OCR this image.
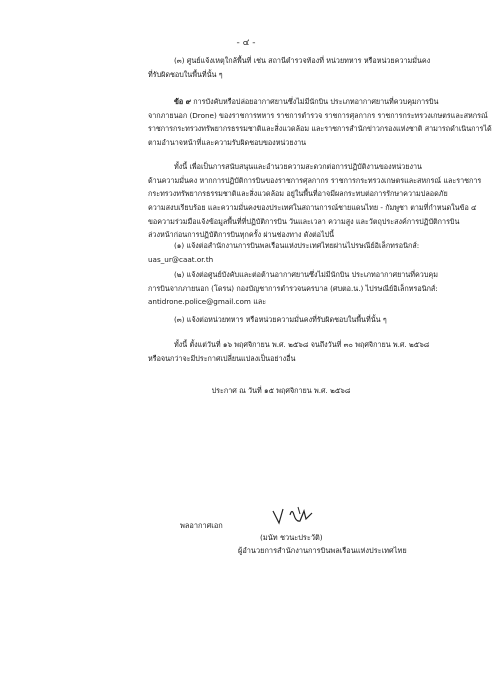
- ๔ -
(๓) ศูนย์แจ้งเหตุใกล้พื้นที่ เช่น สถานีตำรวจท้องที่ หน่วยทหาร หรือหน่วยความมั่นคง
ที่รับผิดชอบในพื้นที่นั้น ๆ
ข้อ ๙ การบังคับหรือปล่อยอากาศยานซึ่งไม่มีนักบิน ประเภทอากาศยานที่ควบคุมการบิน
จากภายนอก (Drone) ของราชการทหาร ราชการตำรวจ ราชการศุลกากร ราชการกระทรวงเกษตรและสหกรณ์
ราชการกระทรวงทรัพยากรธรรมชาติและสิ่งแวดล้อม และราชการสำนักข่าวกรองแห่งชาติ สามารถดำเนินการได้
ตามอำนาจหน้าที่และความรับผิดชอบของหน่วยงาน
ทั้งนี้ เพื่อเป็นการสนับสนุนและอำนวยความสะดวกต่อการปฏิบัติงานของหน่วยงาน
ด้านความมั่นคง หากการปฏิบัติการบินของราชการศุลกากร ราชการกระทรวงเกษตรและสหกรณ์ และราชการ
กระทรวงทรัพยากรธรรมชาติและสิ่งแวดล้อม อยู่ในพื้นที่อาจมีผลกระทบต่อการรักษาความปลอดภัย
ความสงบเรียบร้อย และความมั่นคงของประเทศในสถานการณ์ชายแดนไทย - กัมพูชา ตามที่กำหนดในข้อ ๔
ขอความร่วมมือแจ้งข้อมูลพื้นที่ที่ปฏิบัติการบิน วันและเวลา ความสูง และวัตถุประสงค์การปฏิบัติการบิน
ล่วงหน้าก่อนการปฏิบัติการบินทุกครั้ง ผ่านช่องทาง ดังต่อไปนี้
(๑) แจ้งต่อสำนักงานการบินพลเรือนแห่งประเทศไทยผ่านไปรษณีย์อิเล็กทรอนิกส์:
uas_ur@caat.or.th
(๒) แจ้งต่อศูนย์บังคับและต่อต้านอากาศยานซึ่งไม่มีนักบิน ประเภทอากาศยานที่ควบคุม
การบินจากภายนอก (โดรน) กองบัญชาการตำรวจนครบาล (ศบตอ.น.) ไปรษณีย์อิเล็กทรอนิกส์:
antidrone.police@gmail.com และ
(๓) แจ้งต่อหน่วยทหาร หรือหน่วยความมั่นคงที่รับผิดชอบในพื้นที่นั้น ๆ
ทั้งนี้ ตั้งแต่วันที่ ๑๖ พฤศจิกายน พ.ศ. ๒๕๖๘ จนถึงวันที่ ๓๐ พฤศจิกายน พ.ศ. ๒๕๖๘
หรือจนกว่าจะมีประกาศเปลี่ยนแปลงเป็นอย่างอื่น
ประกาศ ณ วันที่ ๑๕ พฤศจิกายน พ.ศ. ๒๕๖๘
พลอากาศเอก
(มนัท ชวนะประวัติ)
ผู้อำนวยการสำนักงานการบินพลเรือนแห่งประเทศไทย
